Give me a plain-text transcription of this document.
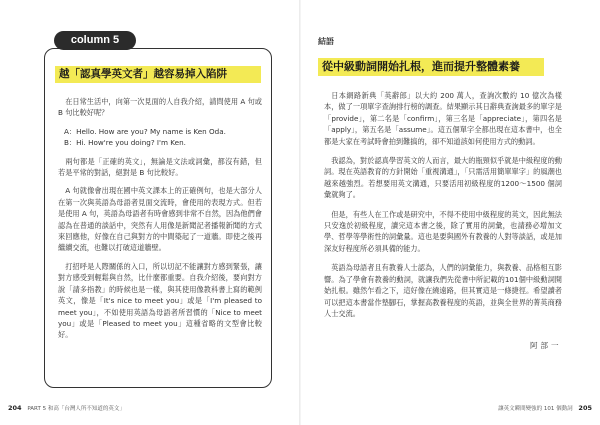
column 5
越「認真學英文者」越容易掉入陷阱

在日常生活中，向第一次見面的人自我介紹，請問使用 A 句或 B 句比較好呢？

A：Hello. How are you? My name is Ken Oda.
B：Hi. How're you doing? I'm Ken.

兩句都是「正確的英文」，無論是文法或詞彙，都沒有錯，但若是平常的對話，絕對是 B 句比較好。

A 句就像會出現在國中英文課本上的正確例句，也是大部分人在第一次與英語為母語者見面交流時，會使用的表現方式。但若是使用 A 句，英語為母語者有時會感到非常不自然，因為他們會認為在普通的談話中，突然有人用像是新聞記者播報新聞的方式來回應他，好像在自己與對方的中間築起了一道牆。即使之後再繼續交流，也難以打破這道牆壁。

打招呼是人際關係的入口，所以切記不能讓對方感到緊張，讓對方感受到輕鬆與自然，比什麼都重要。自我介紹後，要向對方說「請多指教」的時候也是一樣，與其使用像教科書上寫的範例英文，像是「It's nice to meet you」或是「I'm pleased to meet you」，不如使用英語為母語者所習慣的「Nice to meet you」或是「Pleased to meet you」這種省略的文型會比較好。

204 PART 5 和高「台灣人所不知道的英文」
結語
從中級動詞開始扎根，進而提升整體素養

日本網路新典「英辭郎」以大約 200 萬人，查詢次數約 10 億次為樣本，做了一項單字查詢排行榜的調查。結果顯示其日辭典查詢最多的單字是「provide」，第二名是「confirm」，第三名是「appreciate」，第四名是「apply」，第五名是「assume」。這五個單字全都出現在這本書中，也全都是大家在考試時會拍到難搞的，卻不知道該如何使用方式的動詞。

我認為，對於認真學習英文的人而言，最大的瓶頸似乎就是中級程度的動詞。現在英語教育的方針開始「重視溝通」，「只需活用簡單單字」的風潮也越來越強烈。若想要用英文溝通，只要活用初級程度的1200〜1500 個詞彙就夠了。

但是，有些人在工作或是研究中，不得不使用中級程度的英文，因此無法只安逸於初級程度，讀完這本書之後，除了實用的詞彙，也請務必增加文學、哲學等學術性的詞彙量。這也是要與國外有教養的人對等談話，或是加深友好程度所必須具備的能力。

英語為母語者且有教養人士認為，人們的詞彙能力，與教養、品格相互影響。為了學會有教養的動詞，就讓我們先從書中所記載的101個中級動詞開始扎根。雖然乍看之下，這好像在繞遠路，但其實這是一條捷徑。希望讀者可以把這本書當作墊腳石，掌握高教養程度的英語，並與全世界的菁英商務人士交流。

阿部一
讓英文瞬間變強的 101 個動詞 205
